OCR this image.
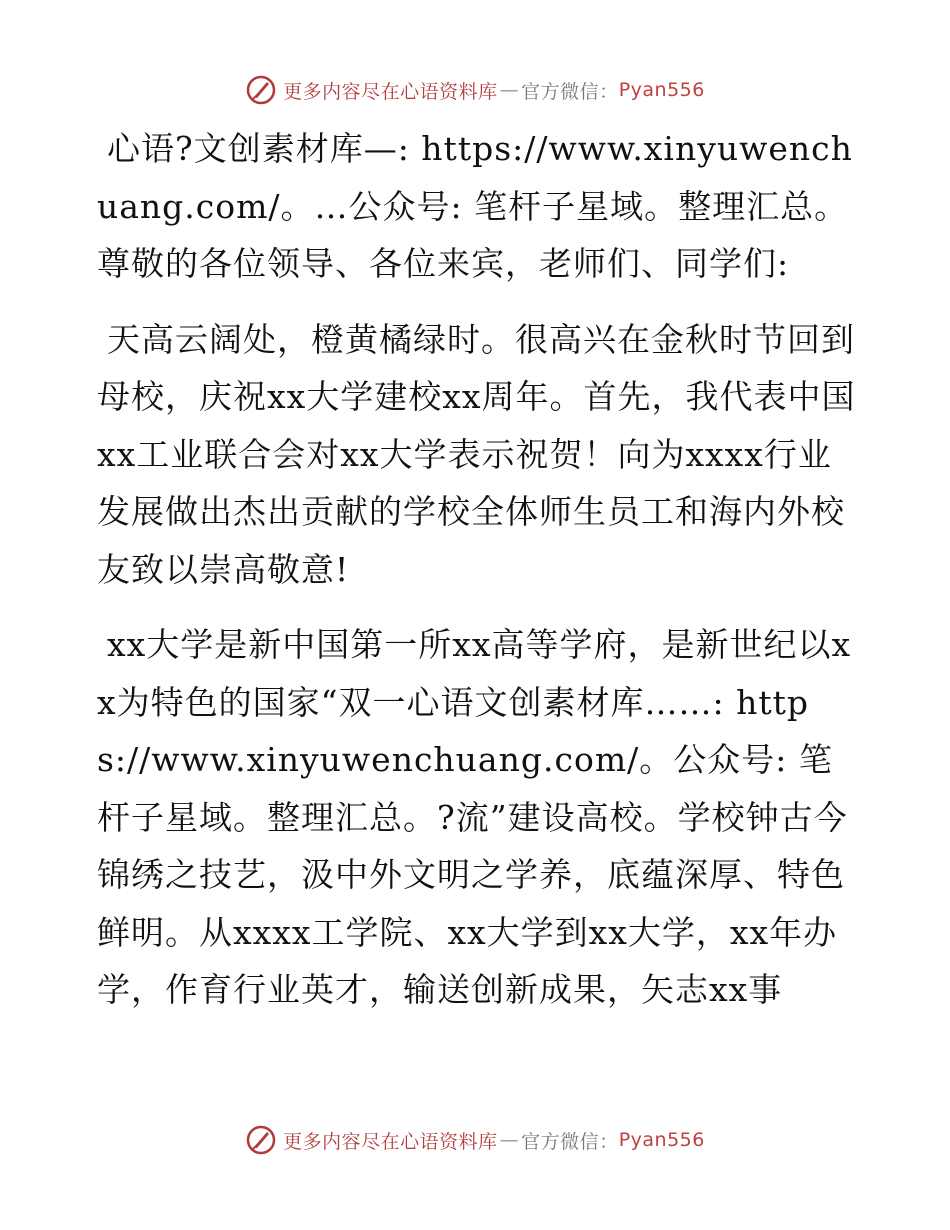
更多内容尽在心语资料库 — 官方微信： Pyan556

心语?文创素材库—: https://www.xinyuwenchuang.com/。…公众号: 笔杆子星域。整理汇总。尊敬的各位领导、各位来宾，老师们、同学们:

天高云阔处，橙黄橘绿时。很高兴在金秋时节回到母校，庆祝xx大学建校xx周年。首先，我代表中国xx工业联合会对xx大学表示祝贺！向为xxxx行业发展做出杰出贡献的学校全体师生员工和海内外校友致以崇高敬意!

xx大学是新中国第一所xx高等学府，是新世纪以xx为特色的国家“双一心语文创素材库……: https://www.xinyuwenchuang.com/。公众号: 笔杆子星域。整理汇总。?流”建设高校。学校钟古今锦绣之技艺，汲中外文明之学养，底蕴深厚、特色鲜明。从xxxx工学院、xx大学到xx大学，xx年办学，作育行业英才，输送创新成果，矢志xx事

更多内容尽在心语资料库 — 官方微信： Pyan556
